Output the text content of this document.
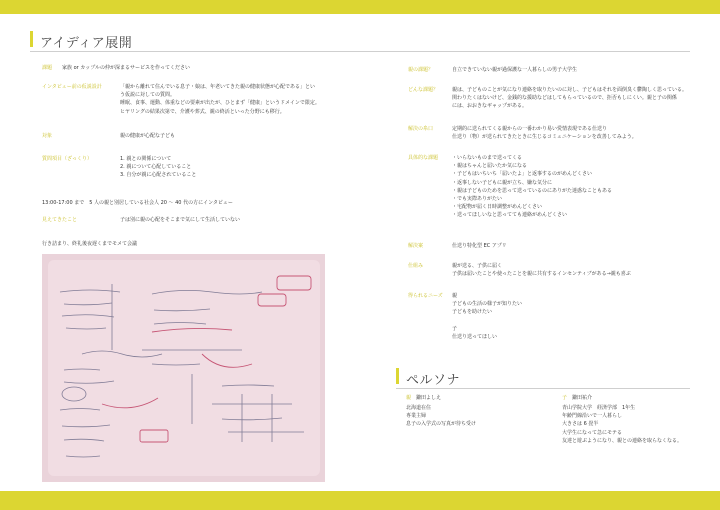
アイディア展開
課題 家族 or カップルの仲が深まるサービスを作ってください
インタビュー前の仮説設計	「親から離れて住んでいる息子・娘は、年老いてきた親の健康状態が心配である」とい
う仮説に対しての質問。
睡眠、食事、運動、体重などの要素が出たが、ひとまず「健康」というドメインで限定。
ヒヤリングの結果次第で、介護や葬式、親の終活といった分野にも移行。
対象	親の健康が心配な子ども
質問項目（ざっくり）	1. 親との関係について
2. 親について心配していること
3. 自分が親に心配されていること
13:00-17:00 まで　5 人の親と別居している社会人 20 〜 40 代の方にインタビュー
見えてきたこと	子は別に親の心配をそこまで気にして生活していない
行き詰まり、終礼後夜遅くまでモメて会議
親の課題？	自立できていない親が過保護な一人暮らしの男子大学生
どんな課題？	親は、子どものことが気になり連絡を取りたいのに対し、子どもはそれを面倒臭く鬱陶しく思っている。
関わりたくはないけど、金銭的な援助などはしてもらっているので、拒否もしにくい。親と子の関係
には、おおきなギャップがある。
解決の糸口	定期的に送られてくる親からの一番わかり易い愛情表現である仕送り
仕送り（物）が送られてきたときに生じるコミュニケーションを改善してみよう。
具体的な課題	・いらないものまで送ってくる
・親はちゃんと届いたか気になる
・子どもはいちいち「届いたよ」と返事するのがめんどくさい
・返事しない子どもに親が立ち、嫌な気分に
・親は子どものためを思って送っているのにありがた迷惑なこともある
・でも実際ありがたい
・宅配物が届く日時調整がめんどくさい
・送ってほしいなと思ってても連絡がめんどくさい
解決案	仕送り特化型 EC アプリ
仕組み	親が送る、子供に届く
子供は届いたことや使ったことを親に共有するインセンティブがある→親も喜ぶ
得られるニーズ 親
子どもの生活の様子が知りたい
子どもを助けたい
子
仕送り送ってほしい
ペルソナ
親 鎌田よしえ
北海道在住
専業主婦
息子の入学式の写真が待ち受け
子 鎌田祐介
青山学院大学　経済学部　1年生
年齢門線沿いで一人暮らし
大きさは 6 畳半
大学生になって急にモテる
友達と遊ぶようになり、親との連絡を取らなくなる。
